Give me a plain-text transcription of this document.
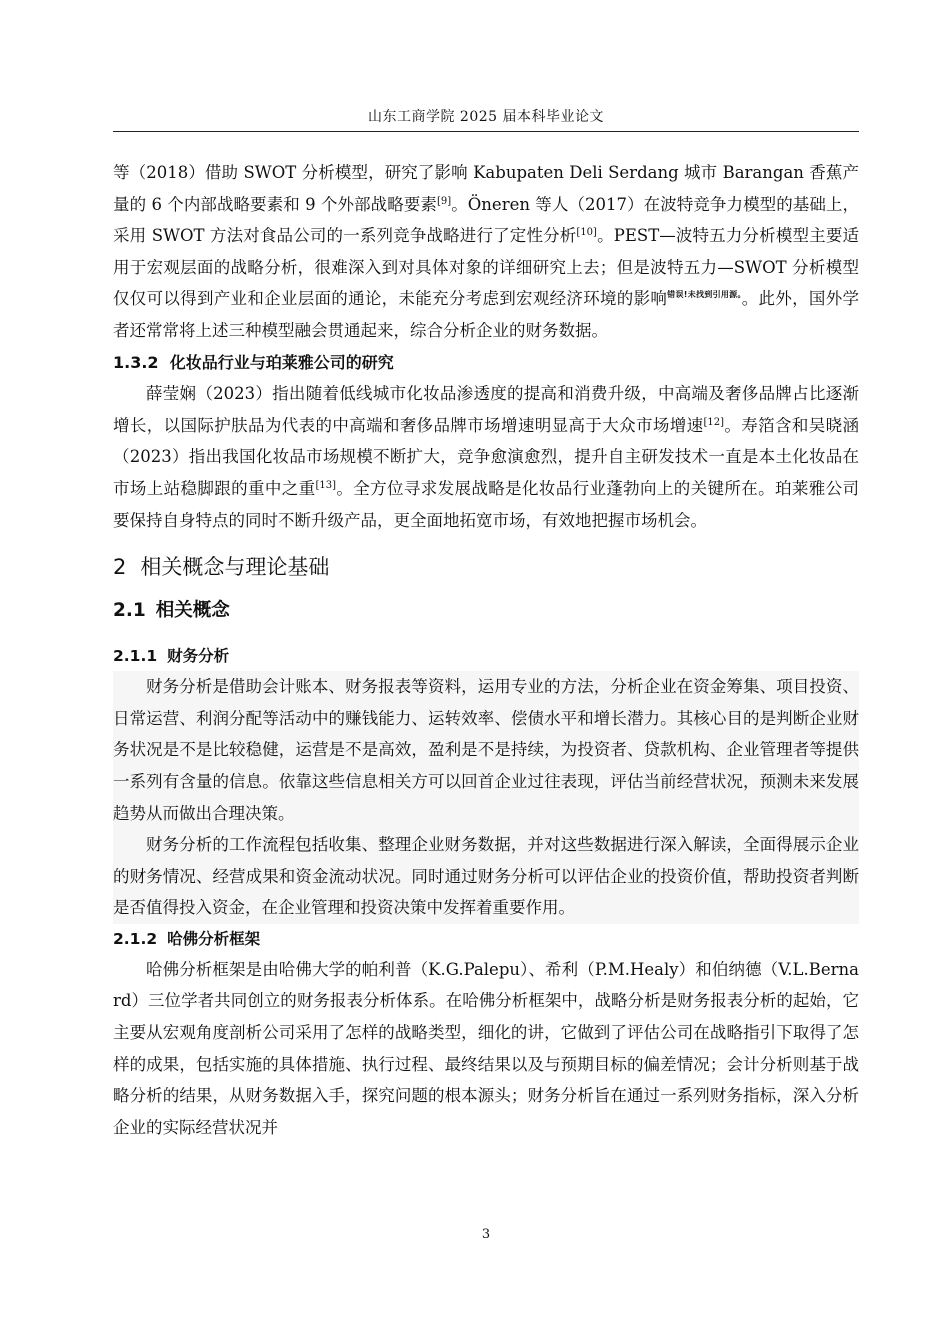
山东工商学院 2025 届本科毕业论文

等（2018）借助 SWOT 分析模型，研究了影响 Kabupaten Deli Serdang 城市 Barangan 香蕉产量的 6 个内部战略要素和 9 个外部战略要素[9]。Öneren 等人（2017）在波特竞争力模型的基础上，采用 SWOT 方法对食品公司的一系列竞争战略进行了定性分析[10]。PEST—波特五力分析模型主要适用于宏观层面的战略分析，很难深入到对具体对象的详细研究上去；但是波特五力—SWOT 分析模型仅仅可以得到产业和企业层面的通论，未能充分考虑到宏观经济环境的影响$^{错误!未找到引用源。}$。此外，国外学者还常常将上述三种模型融会贯通起来，综合分析企业的财务数据。

1.3.2 化妆品行业与珀莱雅公司的研究

薛莹娴（2023）指出随着低线城市化妆品渗透度的提高和消费升级，中高端及奢侈品牌占比逐渐增长，以国际护肤品为代表的中高端和奢侈品牌市场增速明显高于大众市场增速[12]。寿箔含和吴晓涵（2023）指出我国化妆品市场规模不断扩大，竞争愈演愈烈，提升自主研发技术一直是本土化妆品在市场上站稳脚跟的重中之重[13]。全方位寻求发展战略是化妆品行业蓬勃向上的关键所在。珀莱雅公司要保持自身特点的同时不断升级产品，更全面地拓宽市场，有效地把握市场机会。

2 相关概念与理论基础
2.1 相关概念
2.1.1 财务分析

财务分析是借助会计账本、财务报表等资料，运用专业的方法，分析企业在资金筹集、项目投资、日常运营、利润分配等活动中的赚钱能力、运转效率、偿债水平和增长潜力。其核心目的是判断企业财务状况是不是比较稳健，运营是不是高效，盈利是不是持续，为投资者、贷款机构、企业管理者等提供一系列有含量的信息。依靠这些信息相关方可以回首企业过往表现，评估当前经营状况，预测未来发展趋势从而做出合理决策。

财务分析的工作流程包括收集、整理企业财务数据，并对这些数据进行深入解读，全面得展示企业的财务情况、经营成果和资金流动状况。同时通过财务分析可以评估企业的投资价值，帮助投资者判断是否值得投入资金，在企业管理和投资决策中发挥着重要作用。

2.1.2 哈佛分析框架

哈佛分析框架是由哈佛大学的帕利普（K.G.Palepu）、希利（P.M.Healy）和伯纳德（V.L.Bernard）三位学者共同创立的财务报表分析体系。在哈佛分析框架中，战略分析是财务报表分析的起始，它主要从宏观角度剖析公司采用了怎样的战略类型，细化的讲，它做到了评估公司在战略指引下取得了怎样的成果，包括实施的具体措施、执行过程、最终结果以及与预期目标的偏差情况；会计分析则基于战略分析的结果，从财务数据入手，探究问题的根本源头；财务分析旨在通过一系列财务指标，深入分析企业的实际经营状况并

3
